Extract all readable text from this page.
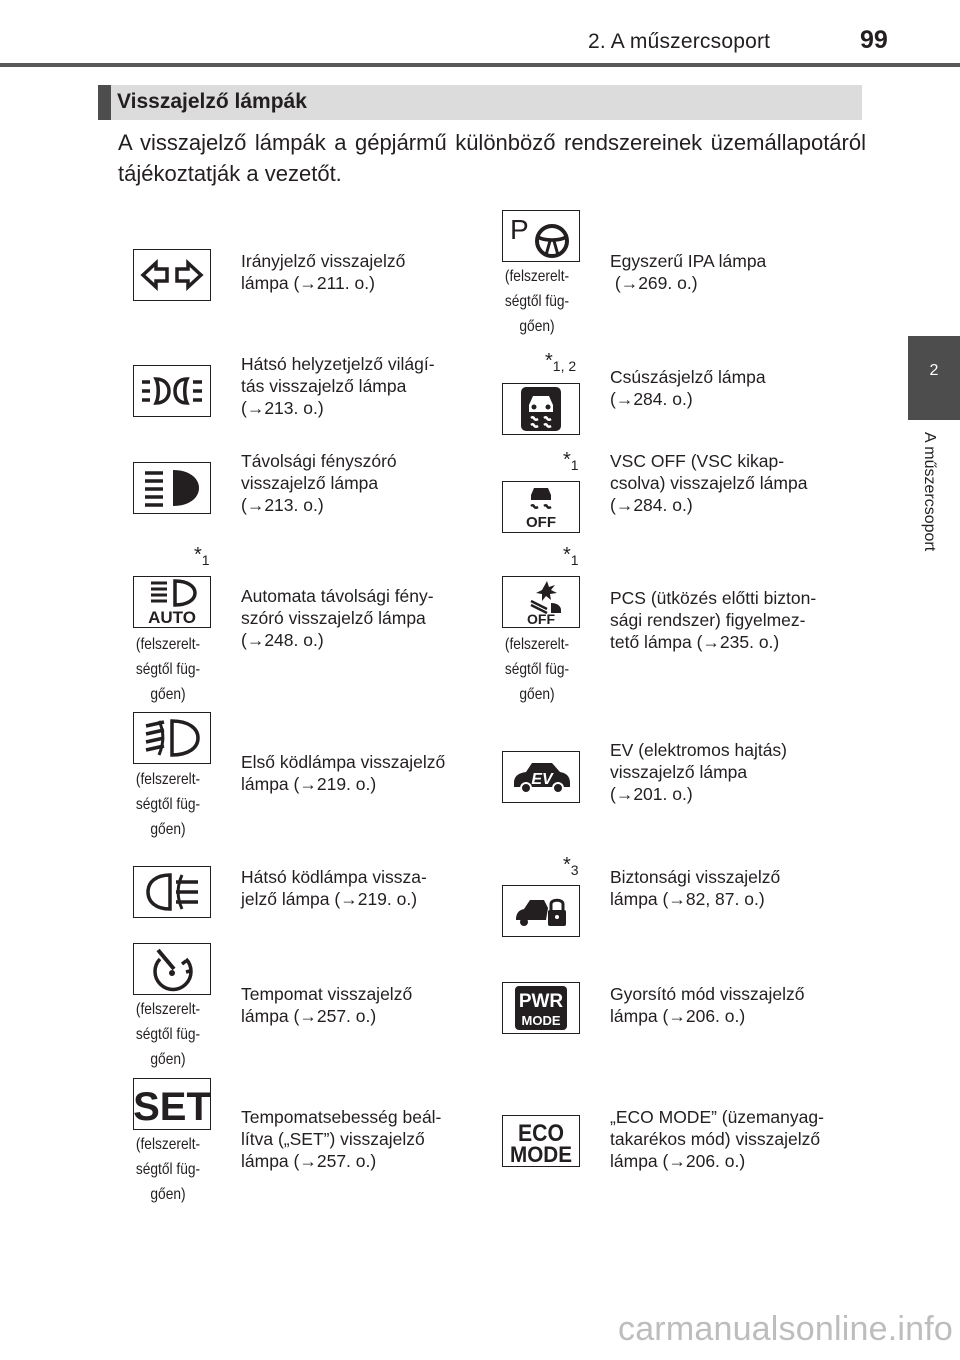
2. A műszercsoport	99
2
A műszercsoport
Visszajelző lámpák
A visszajelző lámpák a gépjármű különböző rendszereinek üzemállapotáról tájékoztatják a vezetőt.
Irányjelző visszajelző
lámpa (→211. o.)
Hátsó helyzetjelző világí-
tás visszajelző lámpa
(→213. o.)
Távolsági fényszóró
visszajelző lámpa
(→213. o.)
$*_1$
AUTO
(felszerelt-
ségtől füg-
gően)
Automata távolsági fény-
szóró visszajelző lámpa
(→248. o.)
(felszerelt-
ségtől füg-
gően)
Első ködlámpa visszajelző
lámpa (→219. o.)
Hátsó ködlámpa vissza-
jelző lámpa (→219. o.)
(felszerelt-
ségtől füg-
gően)
Tempomat visszajelző
lámpa (→257. o.)
SET
(felszerelt-
ségtől füg-
gően)
Tempomatsebesség beál-
lítva („SET”) visszajelző
lámpa (→257. o.)
P
(felszerelt-
ségtől füg-
gően)
Egyszerű IPA lámpa
(→269. o.)
$*_{1, 2}$
Csúszásjelző lámpa
(→284. o.)
$*_1$
OFF
VSC OFF (VSC kikap-
csolva) visszajelző lámpa
(→284. o.)
$*_1$
OFF
(felszerelt-
ségtől füg-
gően)
PCS (ütközés előtti bizton-
sági rendszer) figyelmez-
tető lámpa (→235. o.)
EV
EV (elektromos hajtás)
visszajelző lámpa
(→201. o.)
$*_3$ Biztonsági visszajelző
lámpa (→82, 87. o.)
PWR
MODE
Gyorsító mód visszajelző
lámpa (→206. o.)
ECO
MODE
„ECO MODE” (üzemanyag-
takarékos mód) visszajelző
lámpa (→206. o.)
carmanualsonline.info
